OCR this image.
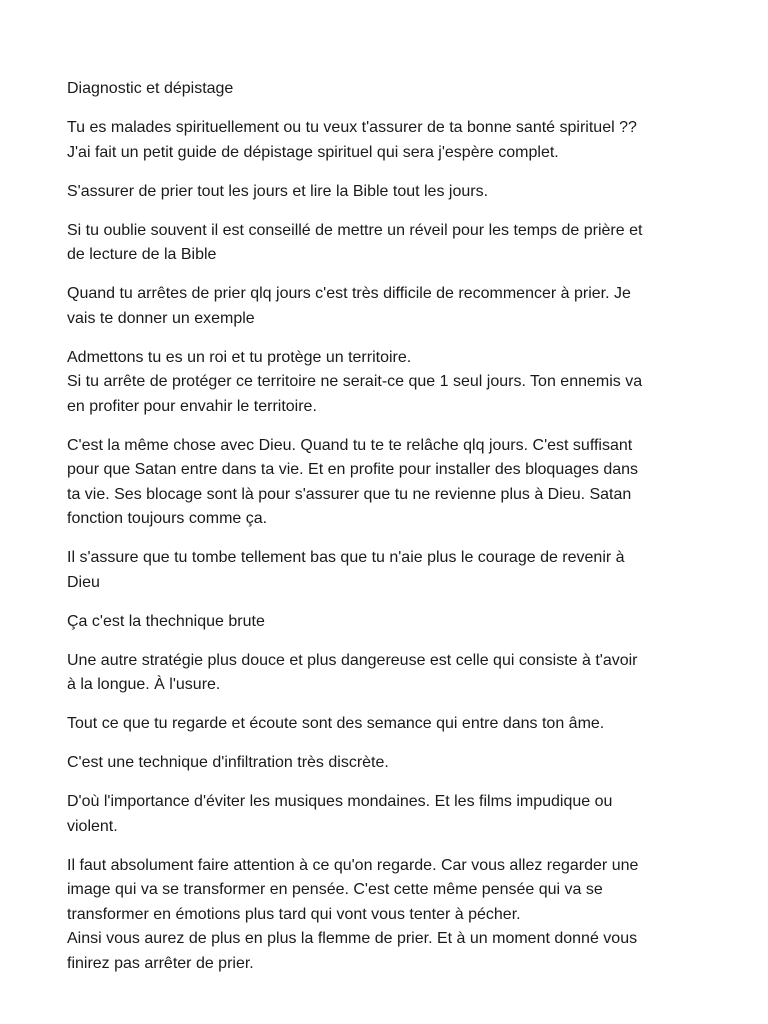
Diagnostic et dépistage

Tu es malades spirituellement ou tu veux t'assurer de ta bonne santé spirituel ??
J'ai fait un petit guide de dépistage spirituel qui sera j'espère complet.

S'assurer de prier tout les jours et lire la Bible tout les jours.

Si tu oublie souvent il est conseillé de mettre un réveil pour les temps de prière et
de lecture de la Bible

Quand tu arrêtes de prier qlq jours c'est très difficile de recommencer à prier. Je
vais te donner un exemple

Admettons tu es un roi et tu protège un territoire.
Si tu arrête de protéger ce territoire ne serait-ce que 1 seul jours. Ton ennemis va
en profiter pour envahir le territoire.

C'est la même chose avec Dieu. Quand tu te te relâche qlq jours. C'est suffisant
pour que Satan entre dans ta vie. Et en profite pour installer des bloquages dans
ta vie. Ses blocage sont là pour s'assurer que tu ne revienne plus à Dieu. Satan
fonction toujours comme ça.

Il s'assure que tu tombe tellement bas que tu n'aie plus le courage de revenir à
Dieu

Ça c'est la thechnique brute

Une autre stratégie plus douce et plus dangereuse est celle qui consiste à t'avoir
à la longue. À l'usure.

Tout ce que tu regarde et écoute sont des semance qui entre dans ton âme.

C'est une technique d'infiltration très discrète.

D'où l'importance d'éviter les musiques mondaines. Et les films impudique ou
violent.

Il faut absolument faire attention à ce qu'on regarde. Car vous allez regarder une
image qui va se transformer en pensée. C'est cette même pensée qui va se
transformer en émotions plus tard qui vont vous tenter à pécher.
Ainsi vous aurez de plus en plus la flemme de prier. Et à un moment donné vous
finirez pas arrêter de prier.
